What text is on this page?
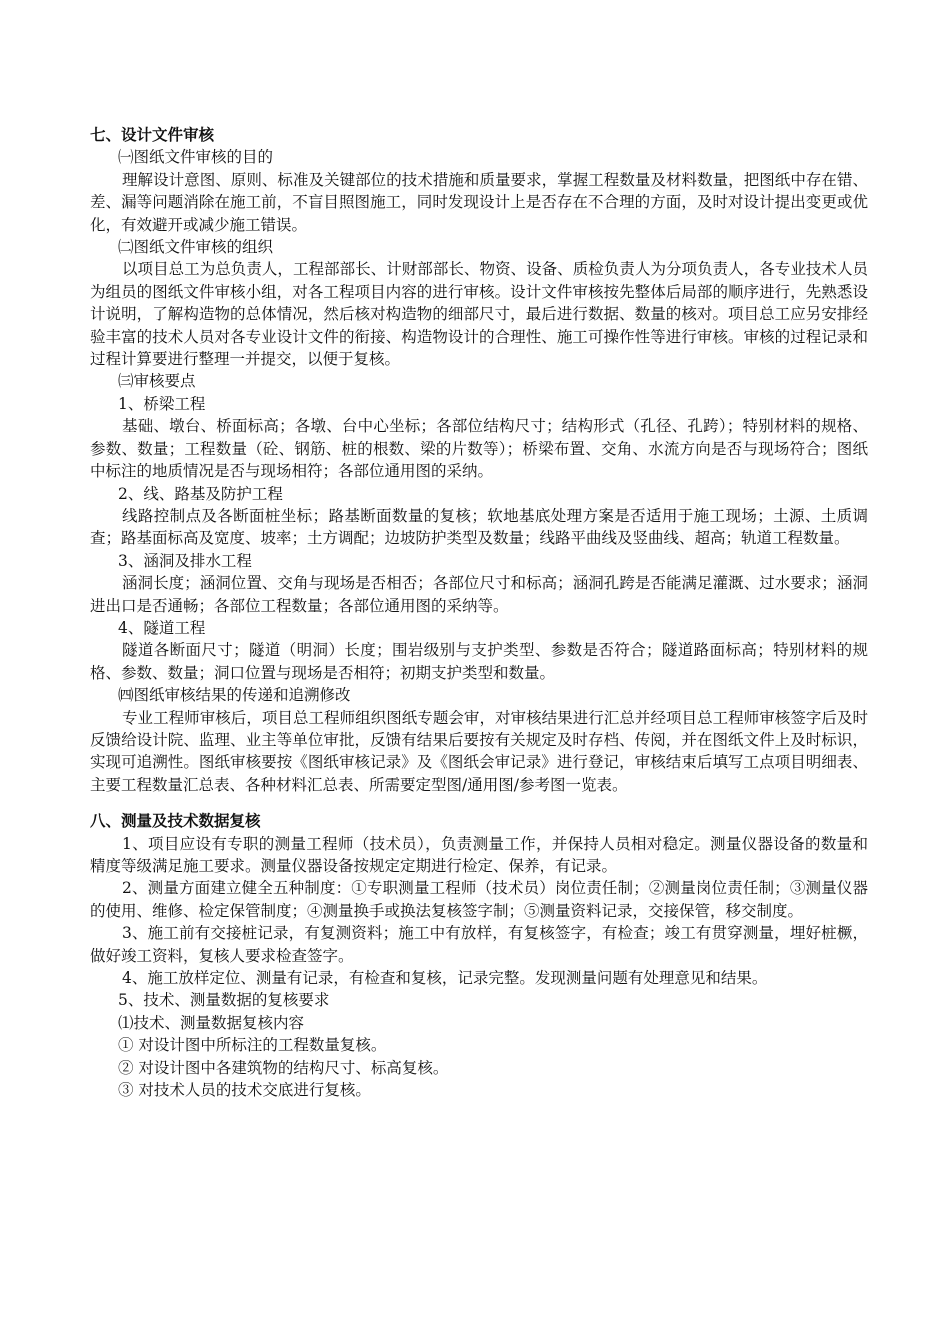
七、设计文件审核

㈠图纸文件审核的目的

理解设计意图、原则、标准及关键部位的技术措施和质量要求，掌握工程数量及材料数量，把图纸中存在错、差、漏等问题消除在施工前，不盲目照图施工，同时发现设计上是否存在不合理的方面，及时对设计提出变更或优化，有效避开或减少施工错误。

㈡图纸文件审核的组织

以项目总工为总负责人，工程部部长、计财部部长、物资、设备、质检负责人为分项负责人，各专业技术人员为组员的图纸文件审核小组，对各工程项目内容的进行审核。设计文件审核按先整体后局部的顺序进行，先熟悉设计说明，了解构造物的总体情况，然后核对构造物的细部尺寸，最后进行数据、数量的核对。项目总工应另安排经验丰富的技术人员对各专业设计文件的衔接、构造物设计的合理性、施工可操作性等进行审核。审核的过程记录和过程计算要进行整理一并提交，以便于复核。

㈢审核要点

1、桥梁工程

基础、墩台、桥面标高；各墩、台中心坐标；各部位结构尺寸；结构形式（孔径、孔跨）；特别材料的规格、参数、数量；工程数量（砼、钢筋、桩的根数、梁的片数等）；桥梁布置、交角、水流方向是否与现场符合；图纸中标注的地质情况是否与现场相符；各部位通用图的采纳。

2、线、路基及防护工程

线路控制点及各断面桩坐标；路基断面数量的复核；软地基底处理方案是否适用于施工现场；土源、土质调查；路基面标高及宽度、坡率；土方调配；边坡防护类型及数量；线路平曲线及竖曲线、超高；轨道工程数量。

3、涵洞及排水工程

涵洞长度；涵洞位置、交角与现场是否相否；各部位尺寸和标高；涵洞孔跨是否能满足灌溉、过水要求；涵洞进出口是否通畅；各部位工程数量；各部位通用图的采纳等。

4、隧道工程

隧道各断面尺寸；隧道（明洞）长度；围岩级别与支护类型、参数是否符合；隧道路面标高；特别材料的规格、参数、数量；洞口位置与现场是否相符；初期支护类型和数量。

㈣图纸审核结果的传递和追溯修改

专业工程师审核后，项目总工程师组织图纸专题会审，对审核结果进行汇总并经项目总工程师审核签字后及时反馈给设计院、监理、业主等单位审批，反馈有结果后要按有关规定及时存档、传阅，并在图纸文件上及时标识，实现可追溯性。图纸审核要按《图纸审核记录》及《图纸会审记录》进行登记，审核结束后填写工点项目明细表、主要工程数量汇总表、各种材料汇总表、所需要定型图/通用图/参考图一览表。

八、测量及技术数据复核

1、项目应设有专职的测量工程师（技术员），负责测量工作，并保持人员相对稳定。测量仪器设备的数量和精度等级满足施工要求。测量仪器设备按规定定期进行检定、保养，有记录。

2、测量方面建立健全五种制度：①专职测量工程师（技术员）岗位责任制；②测量岗位责任制；③测量仪器的使用、维修、检定保管制度；④测量换手或换法复核签字制；⑤测量资料记录，交接保管，移交制度。

3、施工前有交接桩记录，有复测资料；施工中有放样，有复核签字，有检查；竣工有贯穿测量，埋好桩橛，做好竣工资料，复核人要求检查签字。

4、施工放样定位、测量有记录，有检查和复核，记录完整。发现测量问题有处理意见和结果。

5、技术、测量数据的复核要求

⑴技术、测量数据复核内容

① 对设计图中所标注的工程数量复核。

② 对设计图中各建筑物的结构尺寸、标高复核。

③ 对技术人员的技术交底进行复核。
